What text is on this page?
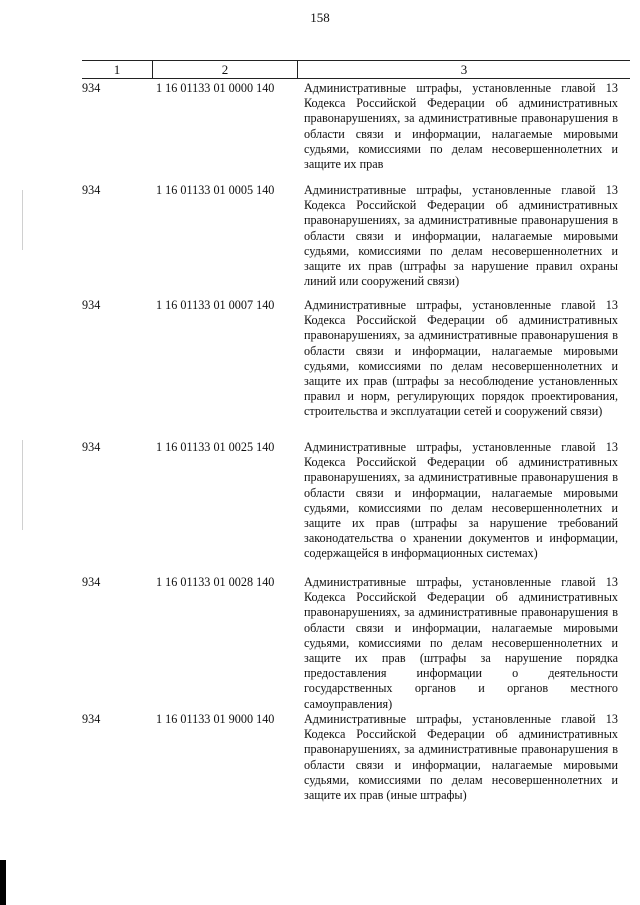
158
1	2	3
934	1 16 01133 01 0000 140	Административные штрафы, установленные главой 13 Кодекса Российской Федерации об административных правонарушениях, за административные правонарушения в области связи и информации, налагаемые мировыми судьями, комиссиями по делам несовершеннолетних и защите их прав
934	1 16 01133 01 0005 140	Административные штрафы, установленные главой 13 Кодекса Российской Федерации об административных правонарушениях, за административные правонарушения в области связи и информации, налагаемые мировыми судьями, комиссиями по делам несовершеннолетних и защите их прав (штрафы за нарушение правил охраны линий или сооружений связи)
934	1 16 01133 01 0007 140	Административные штрафы, установленные главой 13 Кодекса Российской Федерации об административных правонарушениях, за административные правонарушения в области связи и информации, налагаемые мировыми судьями, комиссиями по делам несовершеннолетних и защите их прав (штрафы за несоблюдение установленных правил и норм, регулирующих порядок проектирования, строительства и эксплуатации сетей и сооружений связи)
934	1 16 01133 01 0025 140	Административные штрафы, установленные главой 13 Кодекса Российской Федерации об административных правонарушениях, за административные правонарушения в области связи и информации, налагаемые мировыми судьями, комиссиями по делам несовершеннолетних и защите их прав (штрафы за нарушение требований законодательства о хранении документов и информации, содержащейся в информационных системах)
934	1 16 01133 01 0028 140	Административные штрафы, установленные главой 13 Кодекса Российской Федерации об административных правонарушениях, за административные правонарушения в области связи и информации, налагаемые мировыми судьями, комиссиями по делам несовершеннолетних и защите их прав (штрафы за нарушение порядка предоставления информации о деятельности государственных органов и органов местного самоуправления)
934	1 16 01133 01 9000 140	Административные штрафы, установленные главой 13 Кодекса Российской Федерации об административных правонарушениях, за административные правонарушения в области связи и информации, налагаемые мировыми судьями, комиссиями по делам несовершеннолетних и защите их прав (иные штрафы)
